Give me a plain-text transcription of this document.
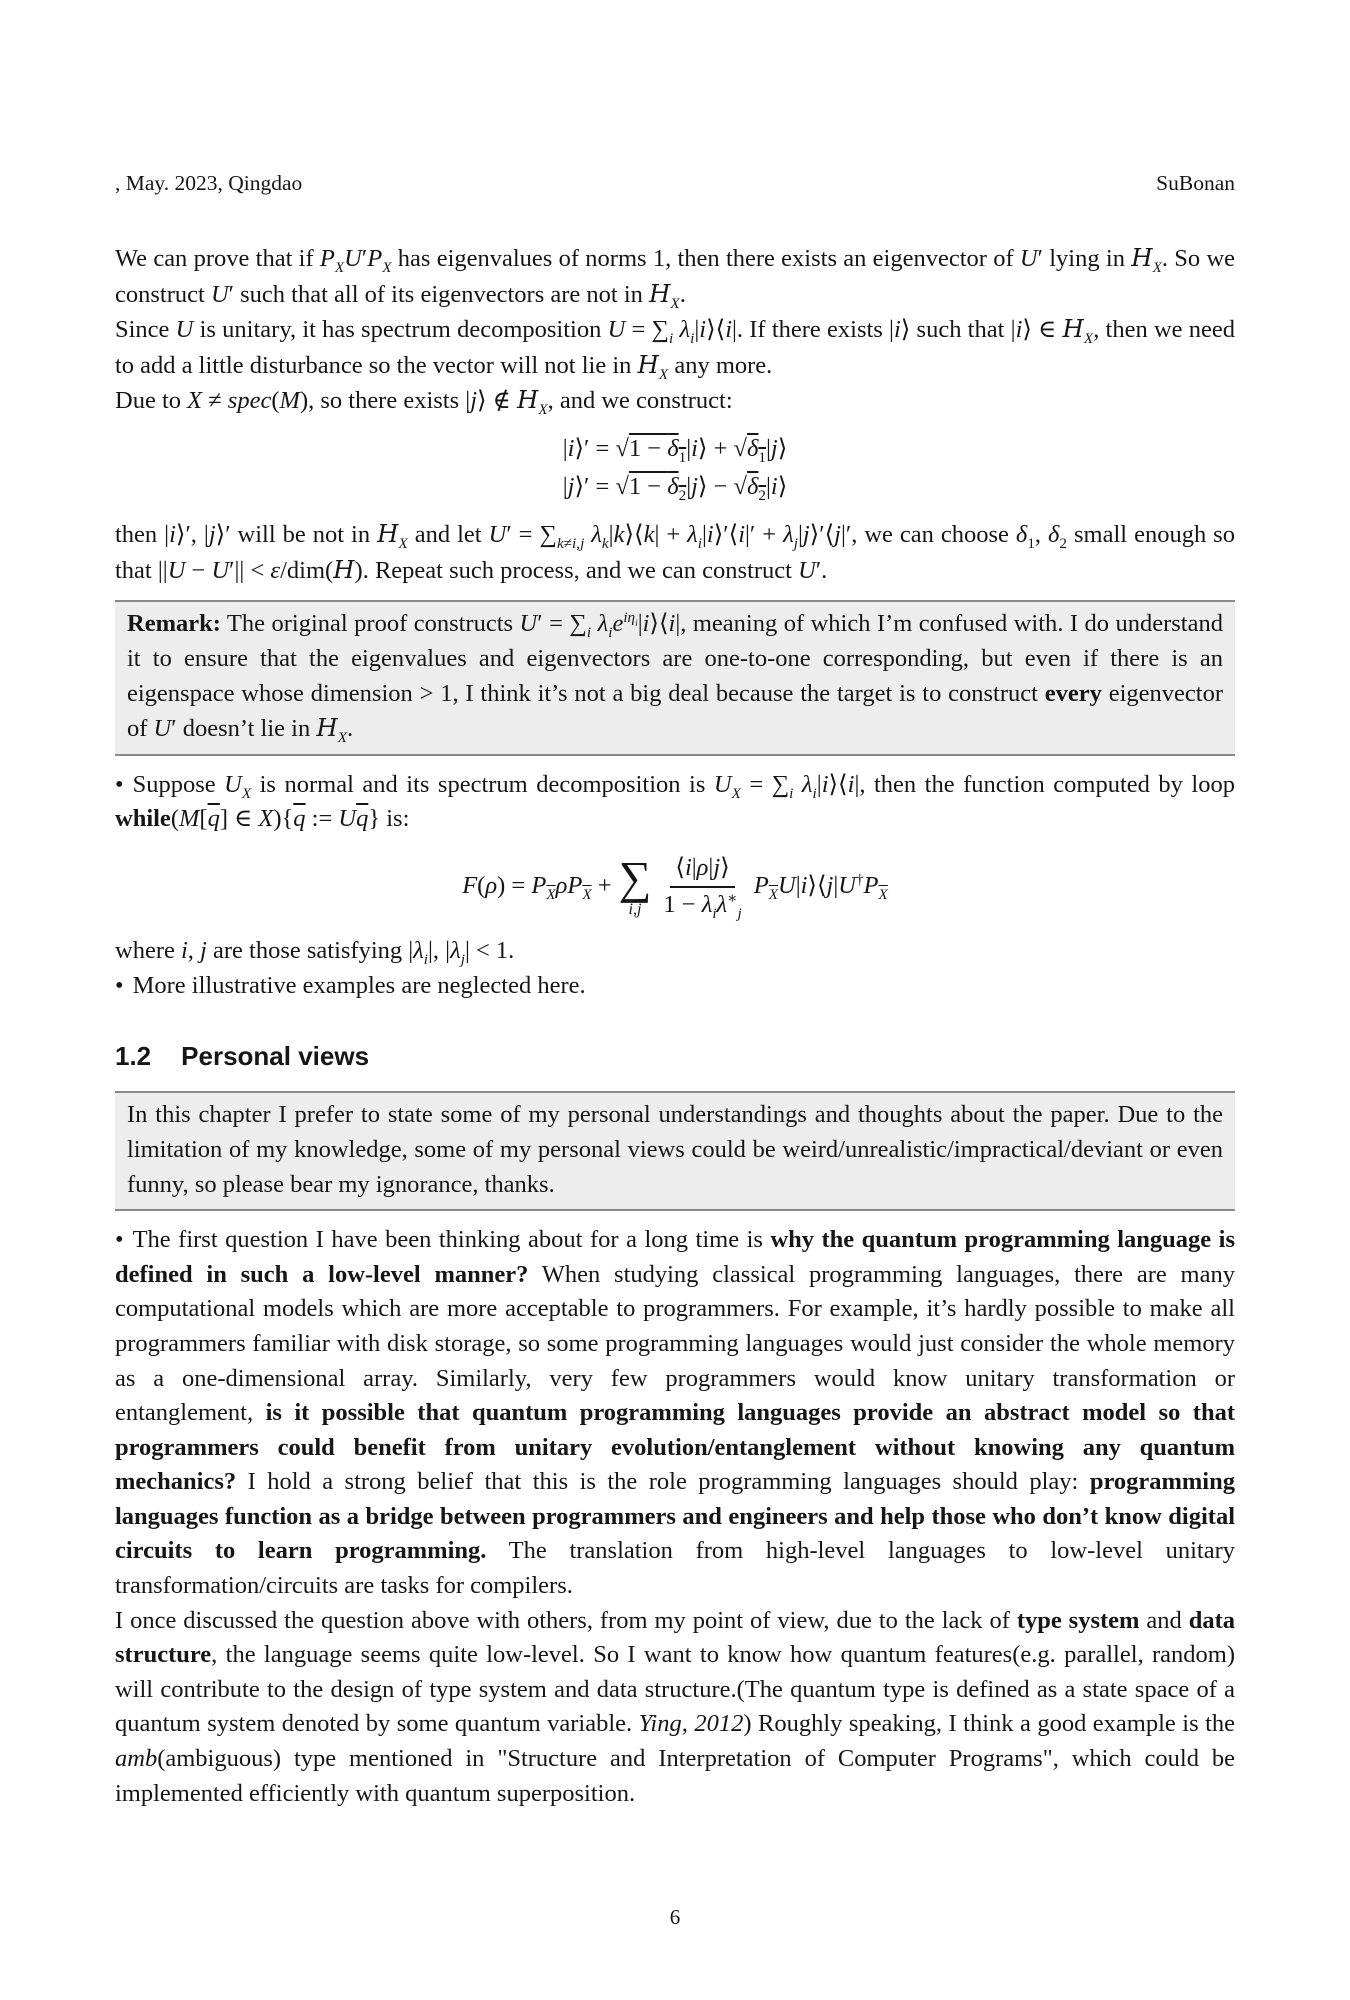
, May. 2023, Qingdao	SuBonan

We can prove that if $P_XU'P_X$ has eigenvalues of norms 1, then there exists an eigenvector of U′ lying in $H_X$. So we construct U′ such that all of its eigenvectors are not in $H_X$.

Since U is unitary, it has spectrum decomposition $U = \sum_i$ $\lambda_i|i⟩⟨i|$. If there exists |i⟩ such that |i⟩ ∈ $H_X$, then we need to add a little disturbance so the vector will not lie in $H_X$ any more.

Due to X ≠ spec(M), so there exists |j⟩ ∉ $H_X$, and we construct:

|i⟩′ = $√1 - \delta_1|i⟩$ + $√\delta_1|j⟩$
|j⟩′ = $√1 - \delta_2|j⟩$ − $√\delta_2|i⟩$

then |i⟩′, |j⟩′ will be not in $H_X$ and let $U' = \sum_{k\ne i,j}$ $\lambda_k|k⟩⟨k|$ + $\lambda_i|i⟩'⟨i|'$ + $\lambda_j|j⟩'⟨j|'$, we can choose $\delta_1$, $\delta_2$ small enough so that ||U − U′|| < ε/dim(H). Repeat such process, and we can construct U′.

Remark: The original proof constructs $U' = \sum_i$ $\lambda_ie^{i\eta_i}|i⟩⟨i|$, meaning of which I’m confused with. I do understand it to ensure that the eigenvalues and eigenvectors are one-to-one corresponding, but even if there is an eigenspace whose dimension > 1, I think it’s not a big deal because the target is to construct every eigenvector of U′ doesn’t lie in $H_X$.

• Suppose $U_X$ is normal and its spectrum decomposition is $U_X = \sum_i$ $\lambda_i|i⟩⟨i|$, then the function computed by loop $while(M[\overline{q}]$ ∈ $X)\{\overline{q}$ := $U\overline{q}$} is:

$F(\rho) = P_{\overline{X}}\rho P_{\overline{X}}$ + ∑
$i,j \frac{⟨i|\rho|j⟩}{1 - \lambda_i\lambda^∗_j}$ $P_{\overline{X}}U|i⟩⟨j|U^\dagger P_{\overline{X}}$

where i, j are those satisfying $|\lambda_i|$, $|\lambda_j| < 1$.

• More illustrative examples are neglected here.

1.2 Personal views

In this chapter I prefer to state some of my personal understandings and thoughts about the paper. Due to the limitation of my knowledge, some of my personal views could be weird/unrealistic/impractical/deviant or even funny, so please bear my ignorance, thanks.

• The first question I have been thinking about for a long time is why the quantum programming language is defined in such a low-level manner? When studying classical programming languages, there are many computational models which are more acceptable to programmers. For example, it’s hardly possible to make all programmers familiar with disk storage, so some programming languages would just consider the whole memory as a one-dimensional array. Similarly, very few programmers would know unitary transformation or entanglement, is it possible that quantum programming languages provide an abstract model so that programmers could benefit from unitary evolution/entanglement without knowing any quantum mechanics? I hold a strong belief that this is the role programming languages should play: programming languages function as a bridge between programmers and engineers and help those who don’t know digital circuits to learn programming. The translation from high-level languages to low-level unitary transformation/circuits are tasks for compilers.

I once discussed the question above with others, from my point of view, due to the lack of type system and data structure, the language seems quite low-level. So I want to know how quantum features(e.g. parallel, random) will contribute to the design of type system and data structure.(The quantum type is defined as a state space of a quantum system denoted by some quantum variable. Ying, 2012) Roughly speaking, I think a good example is the amb(ambiguous) type mentioned in "Structure and Interpretation of Computer Programs", which could be implemented efficiently with quantum superposition.

6
